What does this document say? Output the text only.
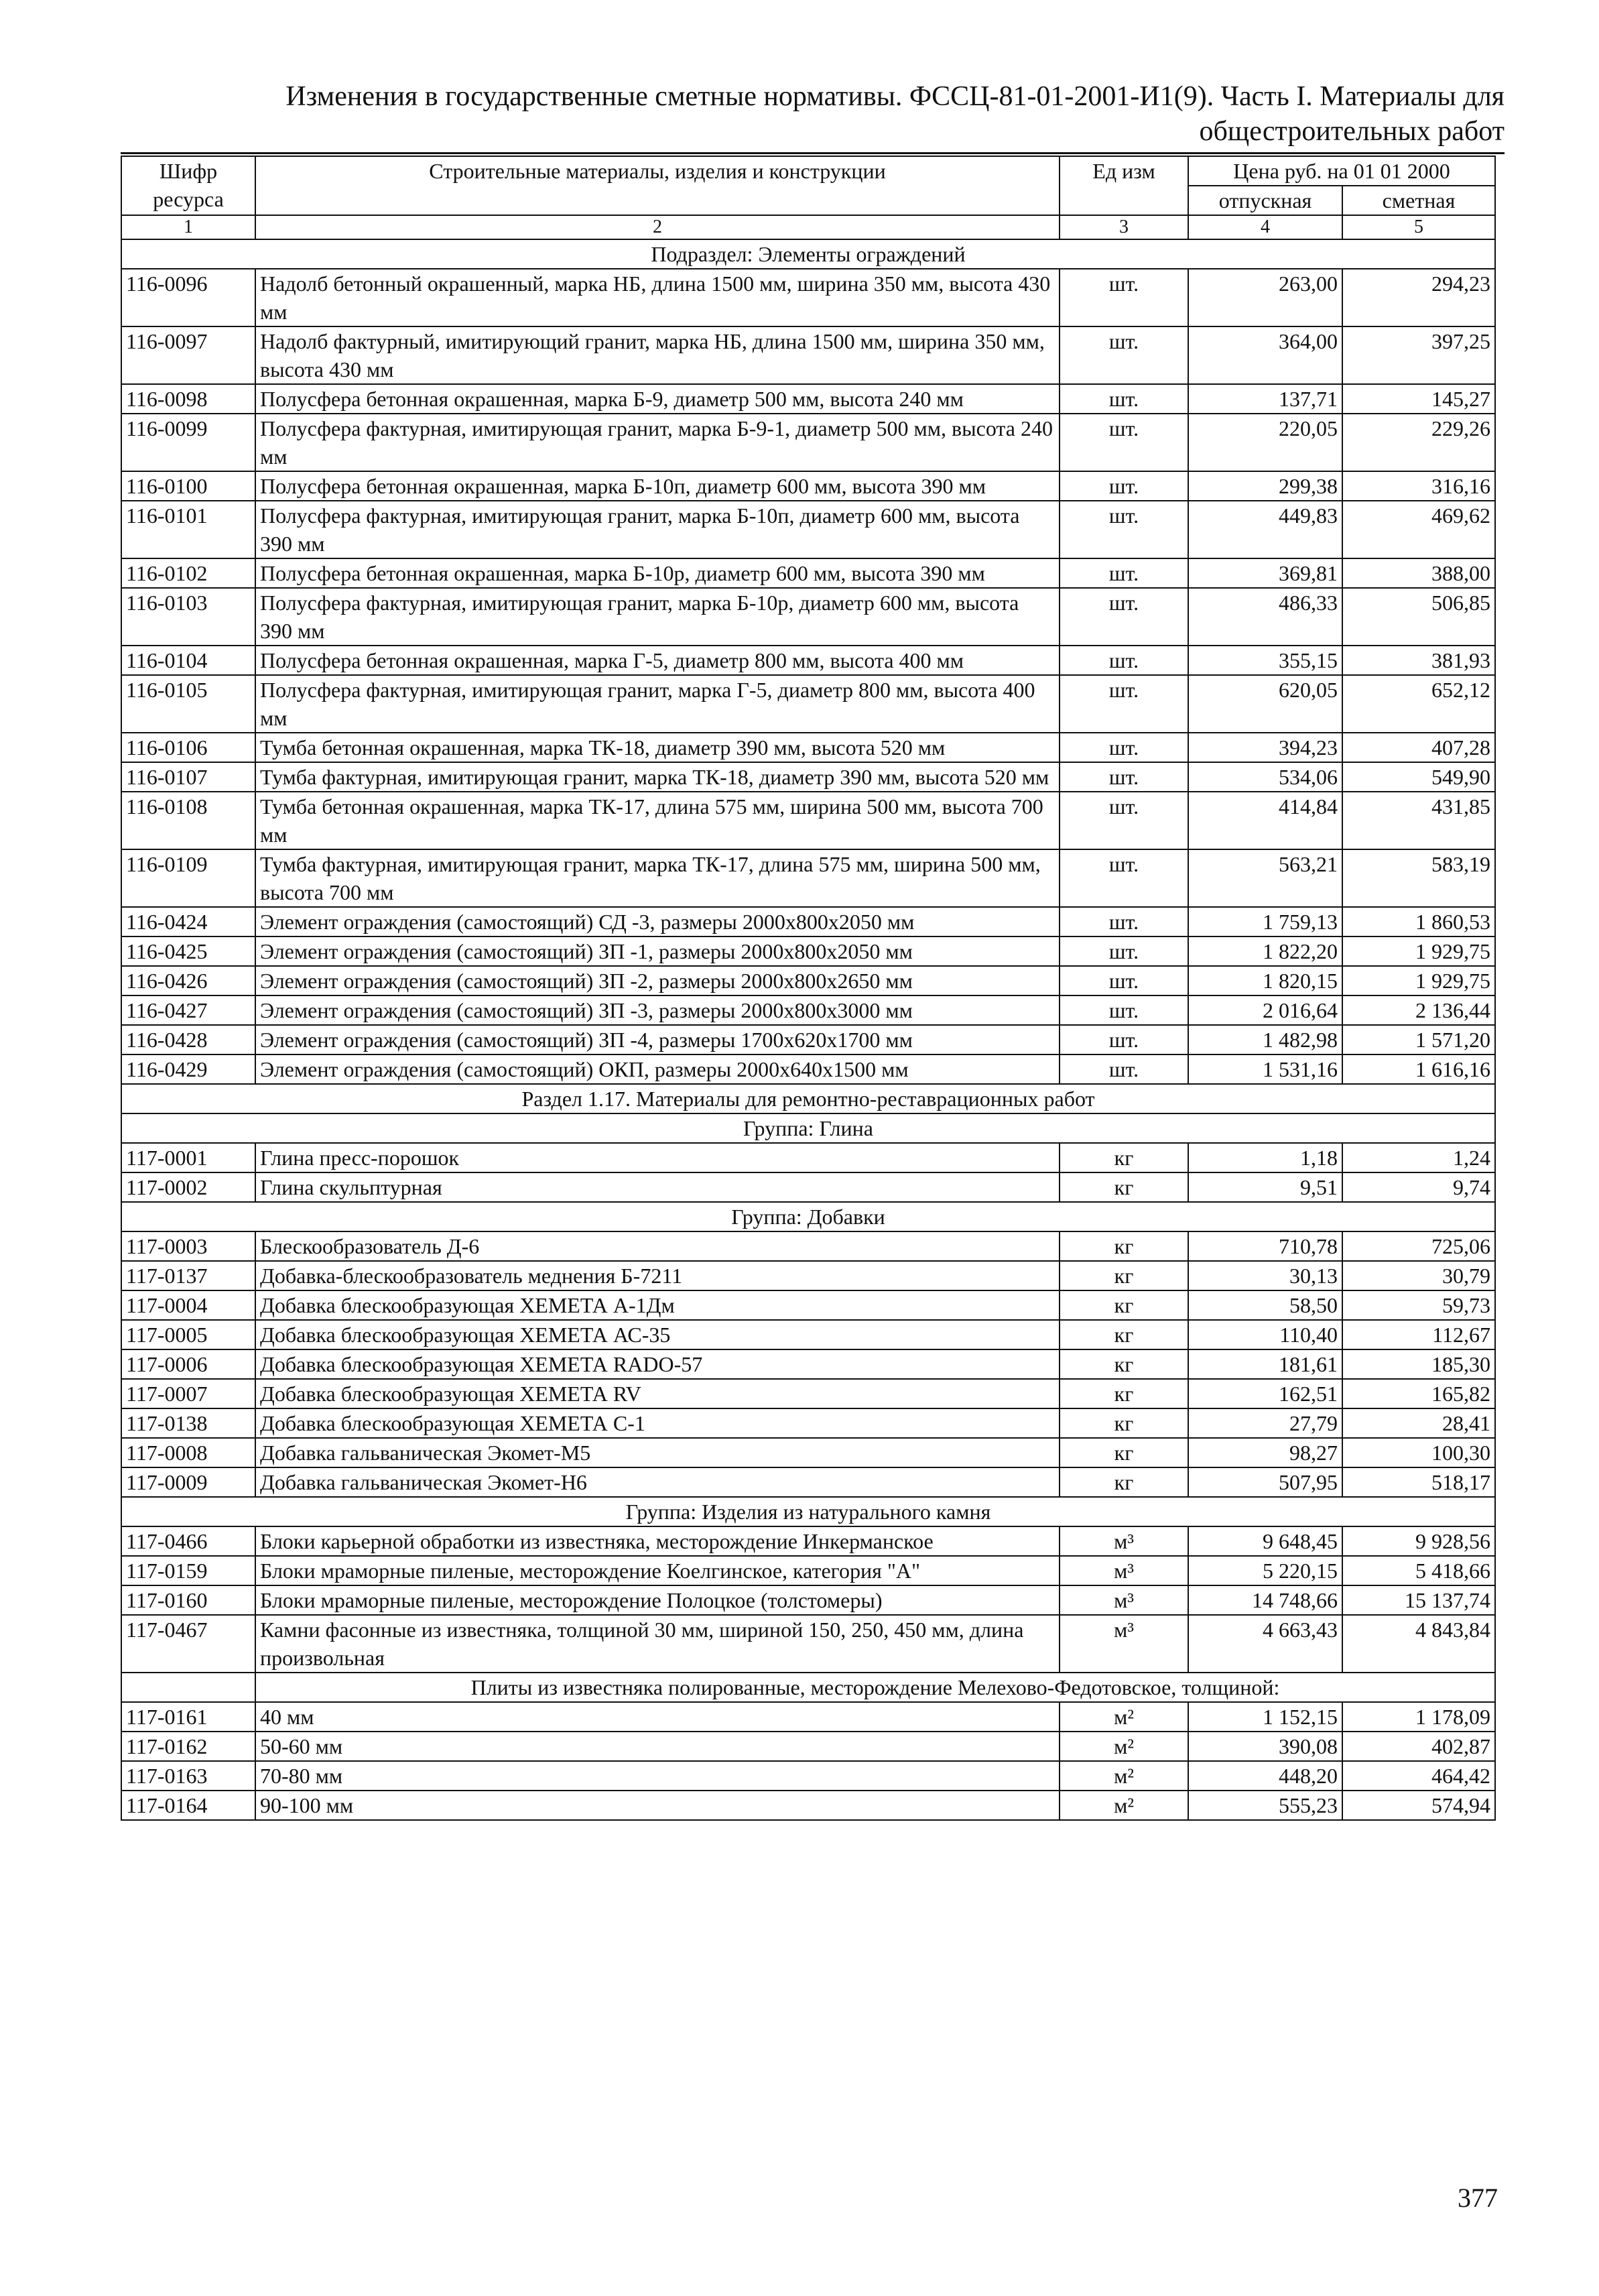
Изменения в государственные сметные нормативы. ФССЦ-81-01-2001-И1(9). Часть I. Материалы для
общестроительных работ
Шифр ресурса	Строительные материалы, изделия и конструкции	Ед изм	Цена руб. на 01 01 2000	
			отпускная	сметная
1	2	3	4	5
Подраздел: Элементы ограждений				
116-0096	Надолб бетонный окрашенный, марка НБ, длина 1500 мм, ширина 350 мм, высота 430 мм	шт.	263,00	294,23
116-0097	Надолб фактурный, имитирующий гранит, марка НБ, длина 1500 мм, ширина 350 мм, высота 430 мм	шт.	364,00	397,25
116-0098	Полусфера бетонная окрашенная, марка Б-9, диаметр 500 мм, высота 240 мм	шт.	137,71	145,27
116-0099	Полусфера фактурная, имитирующая гранит, марка Б-9-1, диаметр 500 мм, высота 240 мм	шт.	220,05	229,26
116-0100	Полусфера бетонная окрашенная, марка Б-10п, диаметр 600 мм, высота 390 мм	шт.	299,38	316,16
116-0101	Полусфера фактурная, имитирующая гранит, марка Б-10п, диаметр 600 мм, высота 390 мм	шт.	449,83	469,62
116-0102	Полусфера бетонная окрашенная, марка Б-10р, диаметр 600 мм, высота 390 мм	шт.	369,81	388,00
116-0103	Полусфера фактурная, имитирующая гранит, марка Б-10р, диаметр 600 мм, высота 390 мм	шт.	486,33	506,85
116-0104	Полусфера бетонная окрашенная, марка Г-5, диаметр 800 мм, высота 400 мм	шт.	355,15	381,93
116-0105	Полусфера фактурная, имитирующая гранит, марка Г-5, диаметр 800 мм, высота 400 мм	шт.	620,05	652,12
116-0106	Тумба бетонная окрашенная, марка ТК-18, диаметр 390 мм, высота 520 мм	шт.	394,23	407,28
116-0107	Тумба фактурная, имитирующая гранит, марка ТК-18, диаметр 390 мм, высота 520 мм	шт.	534,06	549,90
116-0108	Тумба бетонная окрашенная, марка ТК-17, длина 575 мм, ширина 500 мм, высота 700 мм	шт.	414,84	431,85
116-0109	Тумба фактурная, имитирующая гранит, марка ТК-17, длина 575 мм, ширина 500 мм, высота 700 мм	шт.	563,21	583,19
116-0424	Элемент ограждения (самостоящий) СД -3, размеры 2000х800х2050 мм	шт.	1 759,13	1 860,53
116-0425	Элемент ограждения (самостоящий) ЗП -1, размеры 2000х800х2050 мм	шт.	1 822,20	1 929,75
116-0426	Элемент ограждения (самостоящий) ЗП -2, размеры 2000х800х2650 мм	шт.	1 820,15	1 929,75
116-0427	Элемент ограждения (самостоящий) ЗП -3, размеры 2000х800х3000 мм	шт.	2 016,64	2 136,44
116-0428	Элемент ограждения (самостоящий) ЗП -4, размеры 1700х620х1700 мм	шт.	1 482,98	1 571,20
116-0429	Элемент ограждения (самостоящий) ОКП, размеры 2000х640х1500 мм	шт.	1 531,16	1 616,16
Раздел 1.17. Материалы для ремонтно-реставрационных работ				
Группа: Глина				
117-0001	Глина пресс-порошок	кг	1,18	1,24
117-0002	Глина скульптурная	кг	9,51	9,74
Группа: Добавки				
117-0003	Блескообразователь Д-6	кг	710,78	725,06
117-0137	Добавка-блескообразователь меднения Б-7211	кг	30,13	30,79
117-0004	Добавка блескообразующая ХЕМЕТА А-1Дм	кг	58,50	59,73
117-0005	Добавка блескообразующая ХЕМЕТА АС-35	кг	110,40	112,67
117-0006	Добавка блескообразующая ХЕМЕТА RADO-57	кг	181,61	185,30
117-0007	Добавка блескообразующая ХЕМЕТА RV	кг	162,51	165,82
117-0138	Добавка блескообразующая ХЕМЕТА С-1	кг	27,79	28,41
117-0008	Добавка гальваническая Экомет-М5	кг	98,27	100,30
117-0009	Добавка гальваническая Экомет-Н6	кг	507,95	518,17
Группа: Изделия из натурального камня				
117-0466	Блоки карьерной обработки из известняка, месторождение Инкерманское	м³	9 648,45	9 928,56
117-0159	Блоки мраморные пиленые, месторождение Коелгинское, категория "А"	м³	5 220,15	5 418,66
117-0160	Блоки мраморные пиленые, месторождение Полоцкое (толстомеры)	м³	14 748,66	15 137,74
117-0467	Камни фасонные из известняка, толщиной 30 мм, шириной 150, 250, 450 мм, длина произвольная	м³	4 663,43	4 843,84
	Плиты из известняка полированные, месторождение Мелехово-Федотовское, толщиной:			
117-0161	40 мм	м²	1 152,15	1 178,09
117-0162	50-60 мм	м²	390,08	402,87
117-0163	70-80 мм	м²	448,20	464,42
117-0164	90-100 мм	м²	555,23	574,94
377
